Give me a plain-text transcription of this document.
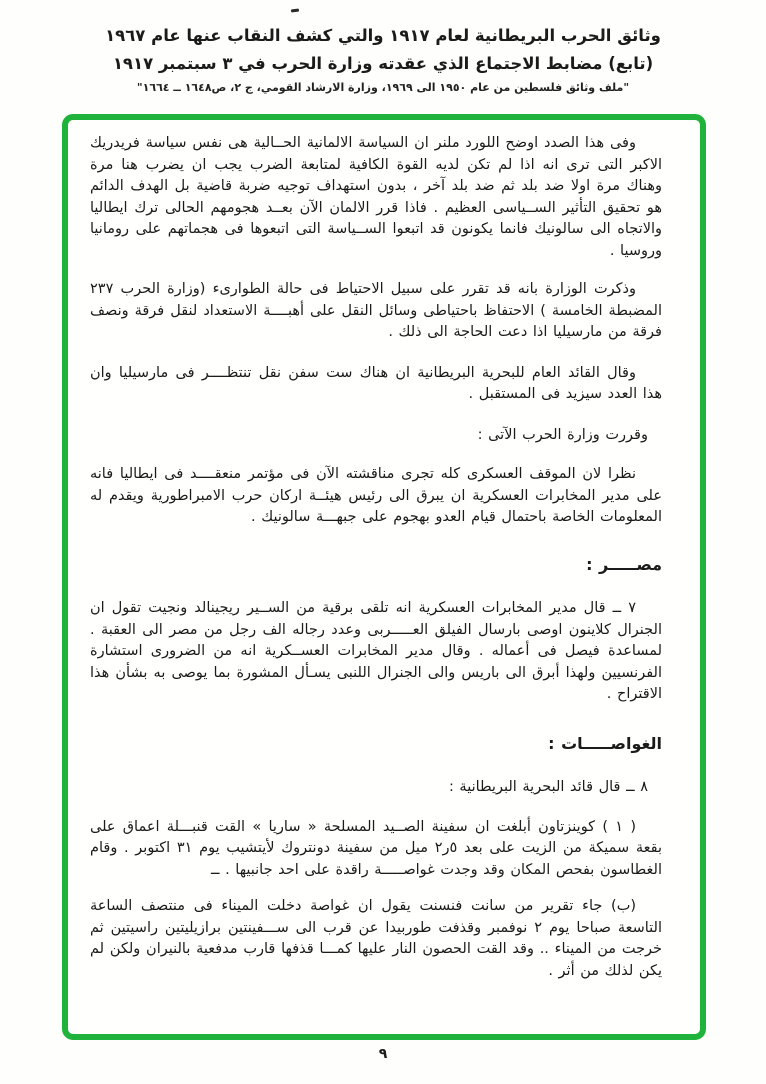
وثائق الحرب البريطانية لعام ١٩١٧ والتي كشف النقاب عنها عام ١٩٦٧
(تابع) مضابط الاجتماع الذي عقدته وزارة الحرب في ٣ سبتمبر ١٩١٧
"ملف وثائق فلسطين من عام ١٩٥٠ الى ١٩٦٩، وزارة الارشاد القومي، ج ٢، ص١٦٤٨ ــ ١٦٦٤"
وفى هذا الصدد اوضح اللورد ملنر ان السياسة الالمانية الحــالية هى نفس سياسة فريدريك الاكبر التى ترى انه اذا لم تكن لديه القوة الكافية لمتابعة الضرب يجب ان يضرب هنا مرة وهناك مرة اولا ضد بلد ثم ضد بلد آخر ، بدون استهداف توجيه ضربة قاضية بل الهدف الدائم هو تحقيق التأثير الســياسى العظيم . فاذا قرر الالمان الآن بعــد هجومهم الحالى ترك ايطاليا والاتجاه الى سالونيك فانما يكونون قد اتبعوا الســياسة التى اتبعوها فى هجماتهم على رومانيا وروسيا .
وذكرت الوزارة بانه قد تقرر على سبيل الاحتياط فى حالة الطوارىء (وزارة الحرب ٢٣٧ المضبطة الخامسة ) الاحتفاظ باحتياطى وسائل النقل على أهبــــة الاستعداد لنقل فرقة ونصف فرقة من مارسيليا اذا دعت الحاجة الى ذلك .
وقال القائد العام للبحرية البريطانية ان هناك ست سفن نقل تنتظــــر فى مارسيليا وان هذا العدد سيزيد فى المستقبل .
وقررت وزارة الحرب الآتى :
نظرا لان الموقف العسكرى كله تجرى مناقشته الآن فى مؤتمر منعقــــد فى ايطاليا فانه على مدير المخابرات العسكرية ان يبرق الى رئيس هيئــة اركان حرب الامبراطورية ويقدم له المعلومات الخاصة باحتمال قيام العدو بهجوم على جبهـــة سالونيك .
مصـــــر :
٧ ــ قال مدير المخابرات العسكرية انه تلقى برقية من الســير ريجينالد ونجيت تقول ان الجنرال كلاينون اوصى بارسال الفيلق العـــــربى وعدد رجاله الف رجل من مصر الى العقبة . لمساعدة فيصل فى أعماله . وقال مدير المخابرات العســكرية انه من الضرورى استشارة الفرنسيين ولهذا أبرق الى باريس والى الجنرال اللنبى يسـأل المشورة بما يوصى به بشأن هذا الاقتراح .
الغواصـــــات :
٨ ــ قال قائد البحرية البريطانية :
( ١ ) كوينزتاون أبلغت ان سفينة الصــيد المسلحة « ساريا » القت قنبـــلة اعماق على بقعة سميكة من الزيت على بعد ٥ر٢ ميل من سفينة دونتروك لأيتشيب يوم ٣١ اكتوبر . وقام الغطاسون بفحص المكان وقد وجدت غواصـــــة راقدة على احد جانبيها . ــ
(ب) جاء تقرير من سانت فنسنت يقول ان غواصة دخلت الميناء فى منتصف الساعة التاسعة صباحا يوم ٢ نوفمبر وقذفت طوربيدا عن قرب الى ســـفينتين برازيليتين راسيتين ثم خرجت من الميناء .. وقد القت الحصون النار عليها كمـــا قذفها قارب مدفعية بالنيران ولكن لم يكن لذلك من أثر .
٩
